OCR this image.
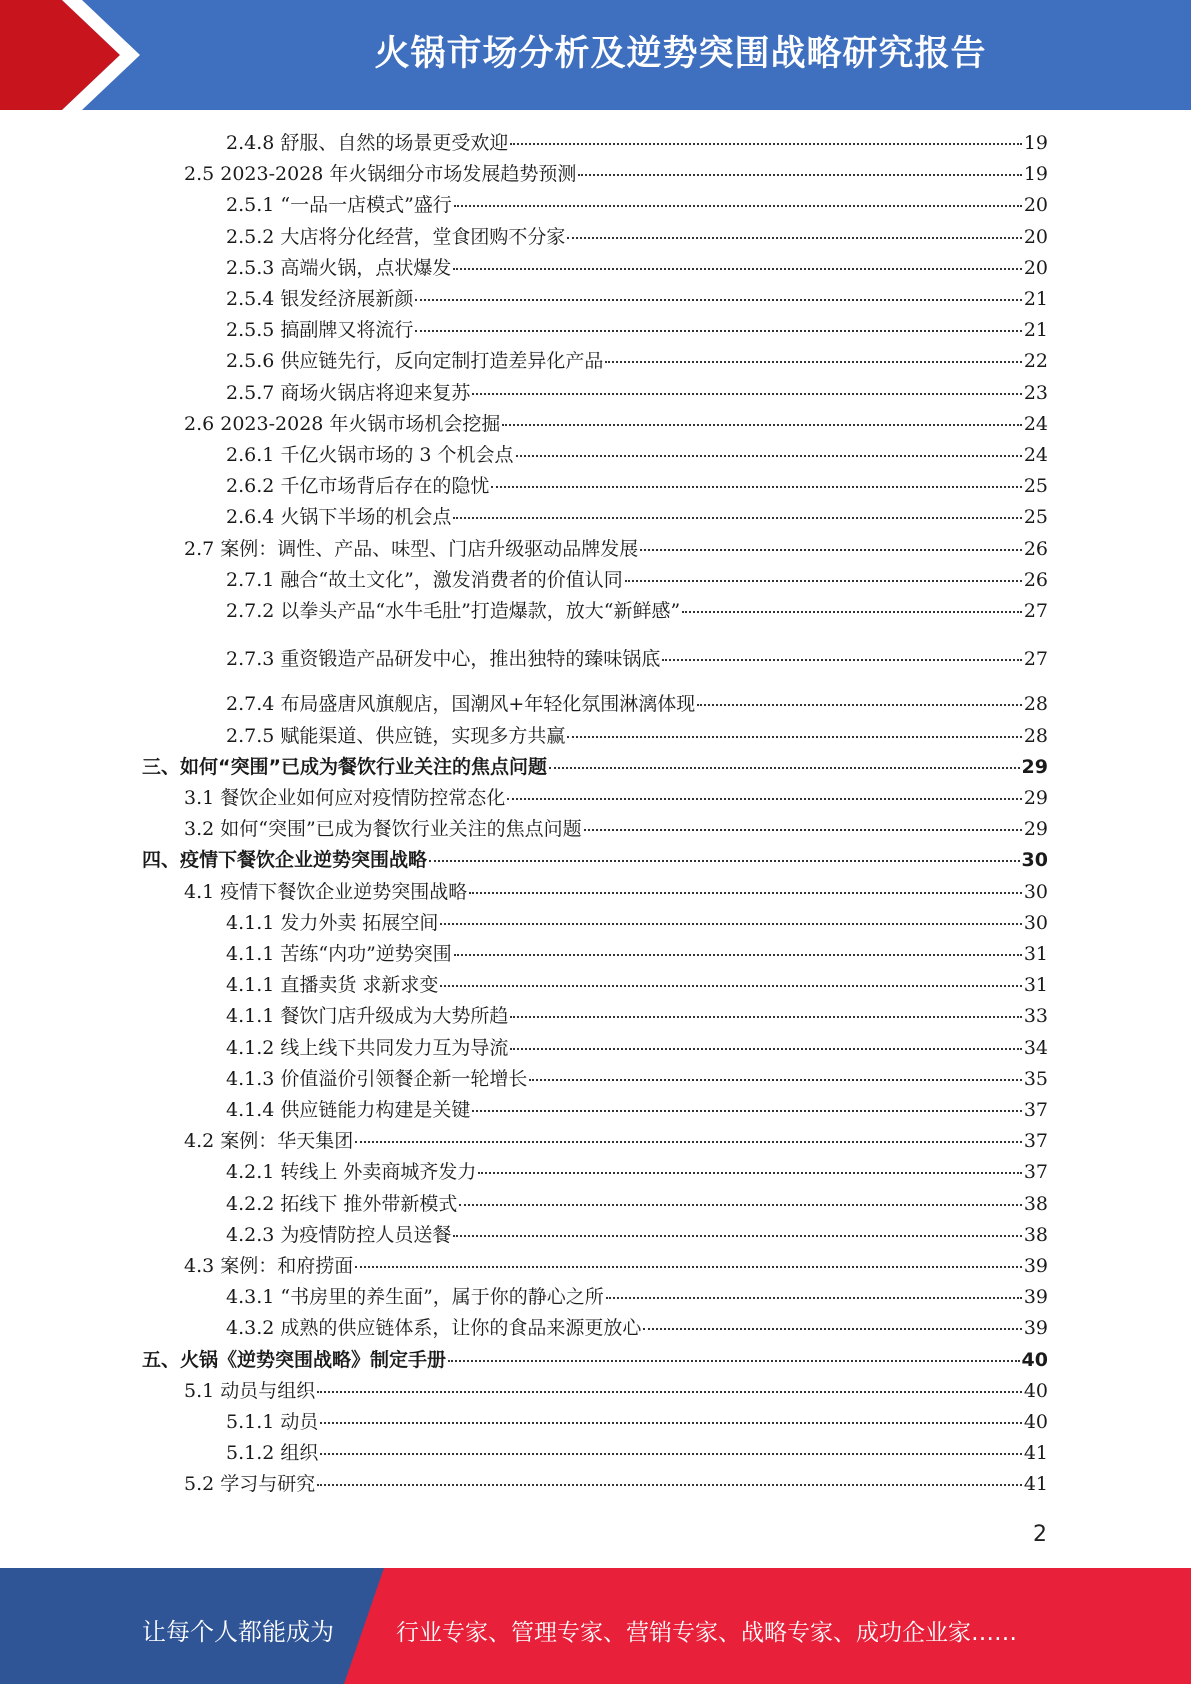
火锅市场分析及逆势突围战略研究报告
2.4.8 舒服、自然的场景更受欢迎	19
2.5 2023-2028 年火锅细分市场发展趋势预测	19
2.5.1 “一品一店模式”盛行	20
2.5.2 大店将分化经营，堂食团购不分家	20
2.5.3 高端火锅，点状爆发	20
2.5.4 银发经济展新颜	21
2.5.5 搞副牌又将流行	21
2.5.6 供应链先行，反向定制打造差异化产品	22
2.5.7 商场火锅店将迎来复苏	23
2.6 2023-2028 年火锅市场机会挖掘	24
2.6.1 千亿火锅市场的 3 个机会点	24
2.6.2 千亿市场背后存在的隐忧	25
2.6.4 火锅下半场的机会点	25
2.7 案例：调性、产品、味型、门店升级驱动品牌发展	26
2.7.1 融合“故土文化”，激发消费者的价值认同	26
2.7.2 以拳头产品“水牛毛肚”打造爆款，放大“新鲜感”	27
2.7.3 重资锻造产品研发中心，推出独特的臻味锅底	27
2.7.4 布局盛唐风旗舰店，国潮风+年轻化氛围淋漓体现	28
2.7.5 赋能渠道、供应链，实现多方共赢	28
三、如何“突围”已成为餐饮行业关注的焦点问题	29
3.1 餐饮企业如何应对疫情防控常态化	29
3.2 如何“突围”已成为餐饮行业关注的焦点问题	29
四、疫情下餐饮企业逆势突围战略	30
4.1 疫情下餐饮企业逆势突围战略	30
4.1.1 发力外卖 拓展空间	30
4.1.1 苦练“内功”逆势突围	31
4.1.1 直播卖货 求新求变	31
4.1.1 餐饮门店升级成为大势所趋	33
4.1.2 线上线下共同发力互为导流	34
4.1.3 价值溢价引领餐企新一轮增长	35
4.1.4 供应链能力构建是关键	37
4.2 案例：华天集团	37
4.2.1 转线上 外卖商城齐发力	37
4.2.2 拓线下 推外带新模式	38
4.2.3 为疫情防控人员送餐	38
4.3 案例：和府捞面	39
4.3.1 “书房里的养生面”，属于你的静心之所	39
4.3.2 成熟的供应链体系，让你的食品来源更放心	39
五、火锅《逆势突围战略》制定手册	40
5.1 动员与组织	40
5.1.1 动员	40
5.1.2 组织	41
5.2 学习与研究	41
2
让每个人都能成为	行业专家、管理专家、营销专家、战略专家、成功企业家……
